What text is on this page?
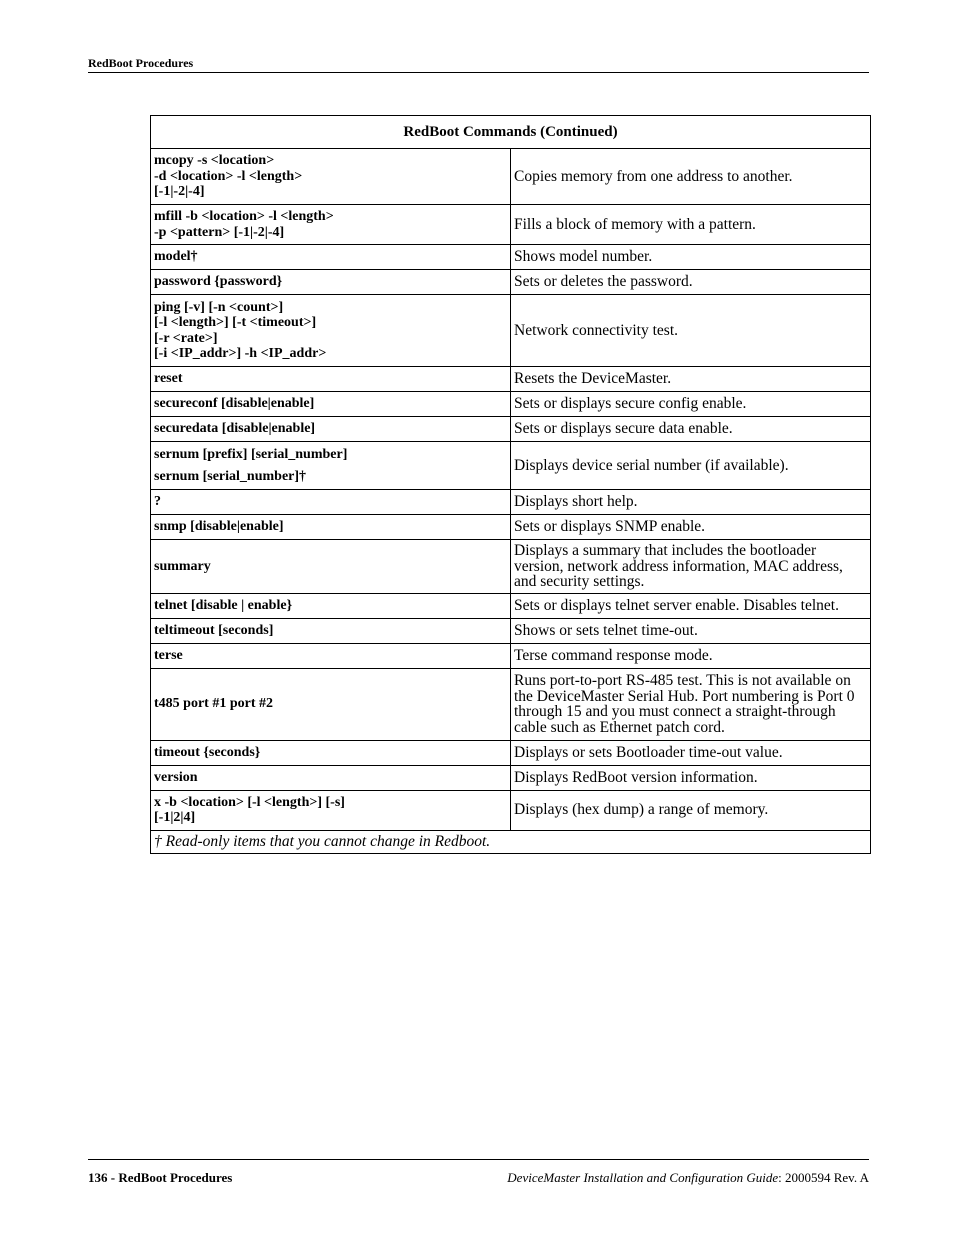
RedBoot Procedures
RedBoot Commands (Continued)	

mcopy -s <location>
-d <location> -l <length>
[-1|-2|-4]	Copies memory from one address to another.

mfill -b <location> -l <length>
-p <pattern> [-1|-2|-4]	Fills a block of memory with a pattern.

model†	Shows model number.

password {password}	Sets or deletes the password.

ping [-v] [-n <count>]
[-l <length>] [-t <timeout>]
[-r <rate>]
[-i <IP_addr>] -h <IP_addr>	Network connectivity test.

reset	Resets the DeviceMaster.

secureconf [disable|enable]	Sets or displays secure config enable.

securedata [disable|enable]	Sets or displays secure data enable.

sernum [prefix] [serial_number]
sernum [serial_number]†	Displays device serial number (if available).

?	Displays short help.

snmp [disable|enable]	Sets or displays SNMP enable.

summary	Displays a summary that includes the bootloader version, network address information, MAC address, and security settings.

telnet [disable | enable}	Sets or displays telnet server enable. Disables telnet.

teltimeout [seconds]	Shows or sets telnet time-out.

terse	Terse command response mode.

t485 port #1 port #2	Runs port-to-port RS-485 test. This is not available on the DeviceMaster Serial Hub. Port numbering is Port 0 through 15 and you must connect a straight-through cable such as Ethernet patch cord.

timeout {seconds}	Displays or sets Bootloader time-out value.

version	Displays RedBoot version information.

x -b <location> [-l <length>] [-s]
[-1|2|4]	Displays (hex dump) a range of memory.
† Read-only items that you cannot change in Redboot.	
136 - RedBoot Procedures	DeviceMaster Installation and Configuration Guide: 2000594 Rev. A
